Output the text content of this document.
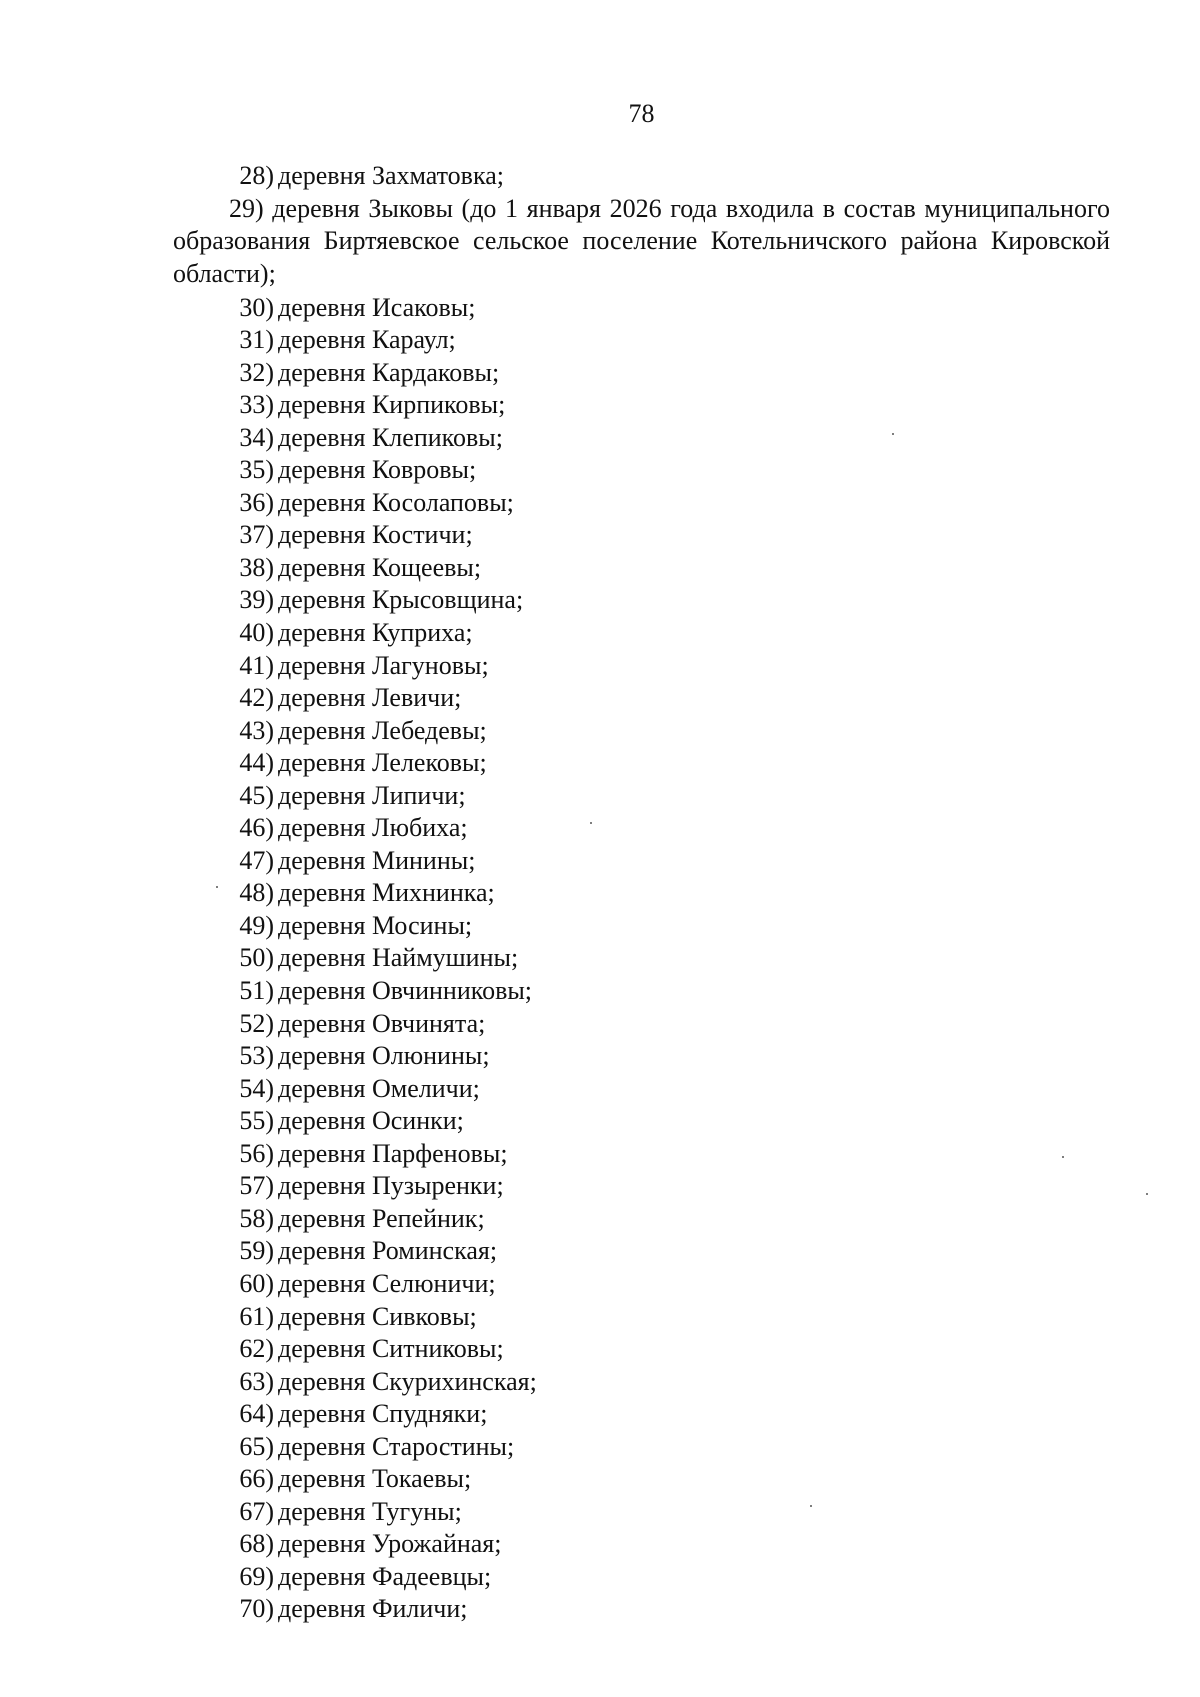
78
28) деревня Захматовка;
29) деревня Зыковы (до 1 января 2026 года входила в состав муниципального образования Биртяевское сельское поселение Котельничского района Кировской области);
30) деревня Исаковы;
31) деревня Караул;
32) деревня Кардаковы;
33) деревня Кирпиковы;
34) деревня Клепиковы;
35) деревня Ковровы;
36) деревня Косолаповы;
37) деревня Костичи;
38) деревня Кощеевы;
39) деревня Крысовщина;
40) деревня Куприха;
41) деревня Лагуновы;
42) деревня Левичи;
43) деревня Лебедевы;
44) деревня Лелековы;
45) деревня Липичи;
46) деревня Любиха;
47) деревня Минины;
48) деревня Михнинка;
49) деревня Мосины;
50) деревня Наймушины;
51) деревня Овчинниковы;
52) деревня Овчинята;
53) деревня Олюнины;
54) деревня Омеличи;
55) деревня Осинки;
56) деревня Парфеновы;
57) деревня Пузыренки;
58) деревня Репейник;
59) деревня Роминская;
60) деревня Селюничи;
61) деревня Сивковы;
62) деревня Ситниковы;
63) деревня Скурихинская;
64) деревня Спудняки;
65) деревня Старостины;
66) деревня Токаевы;
67) деревня Тугуны;
68) деревня Урожайная;
69) деревня Фадеевцы;
70) деревня Филичи;
